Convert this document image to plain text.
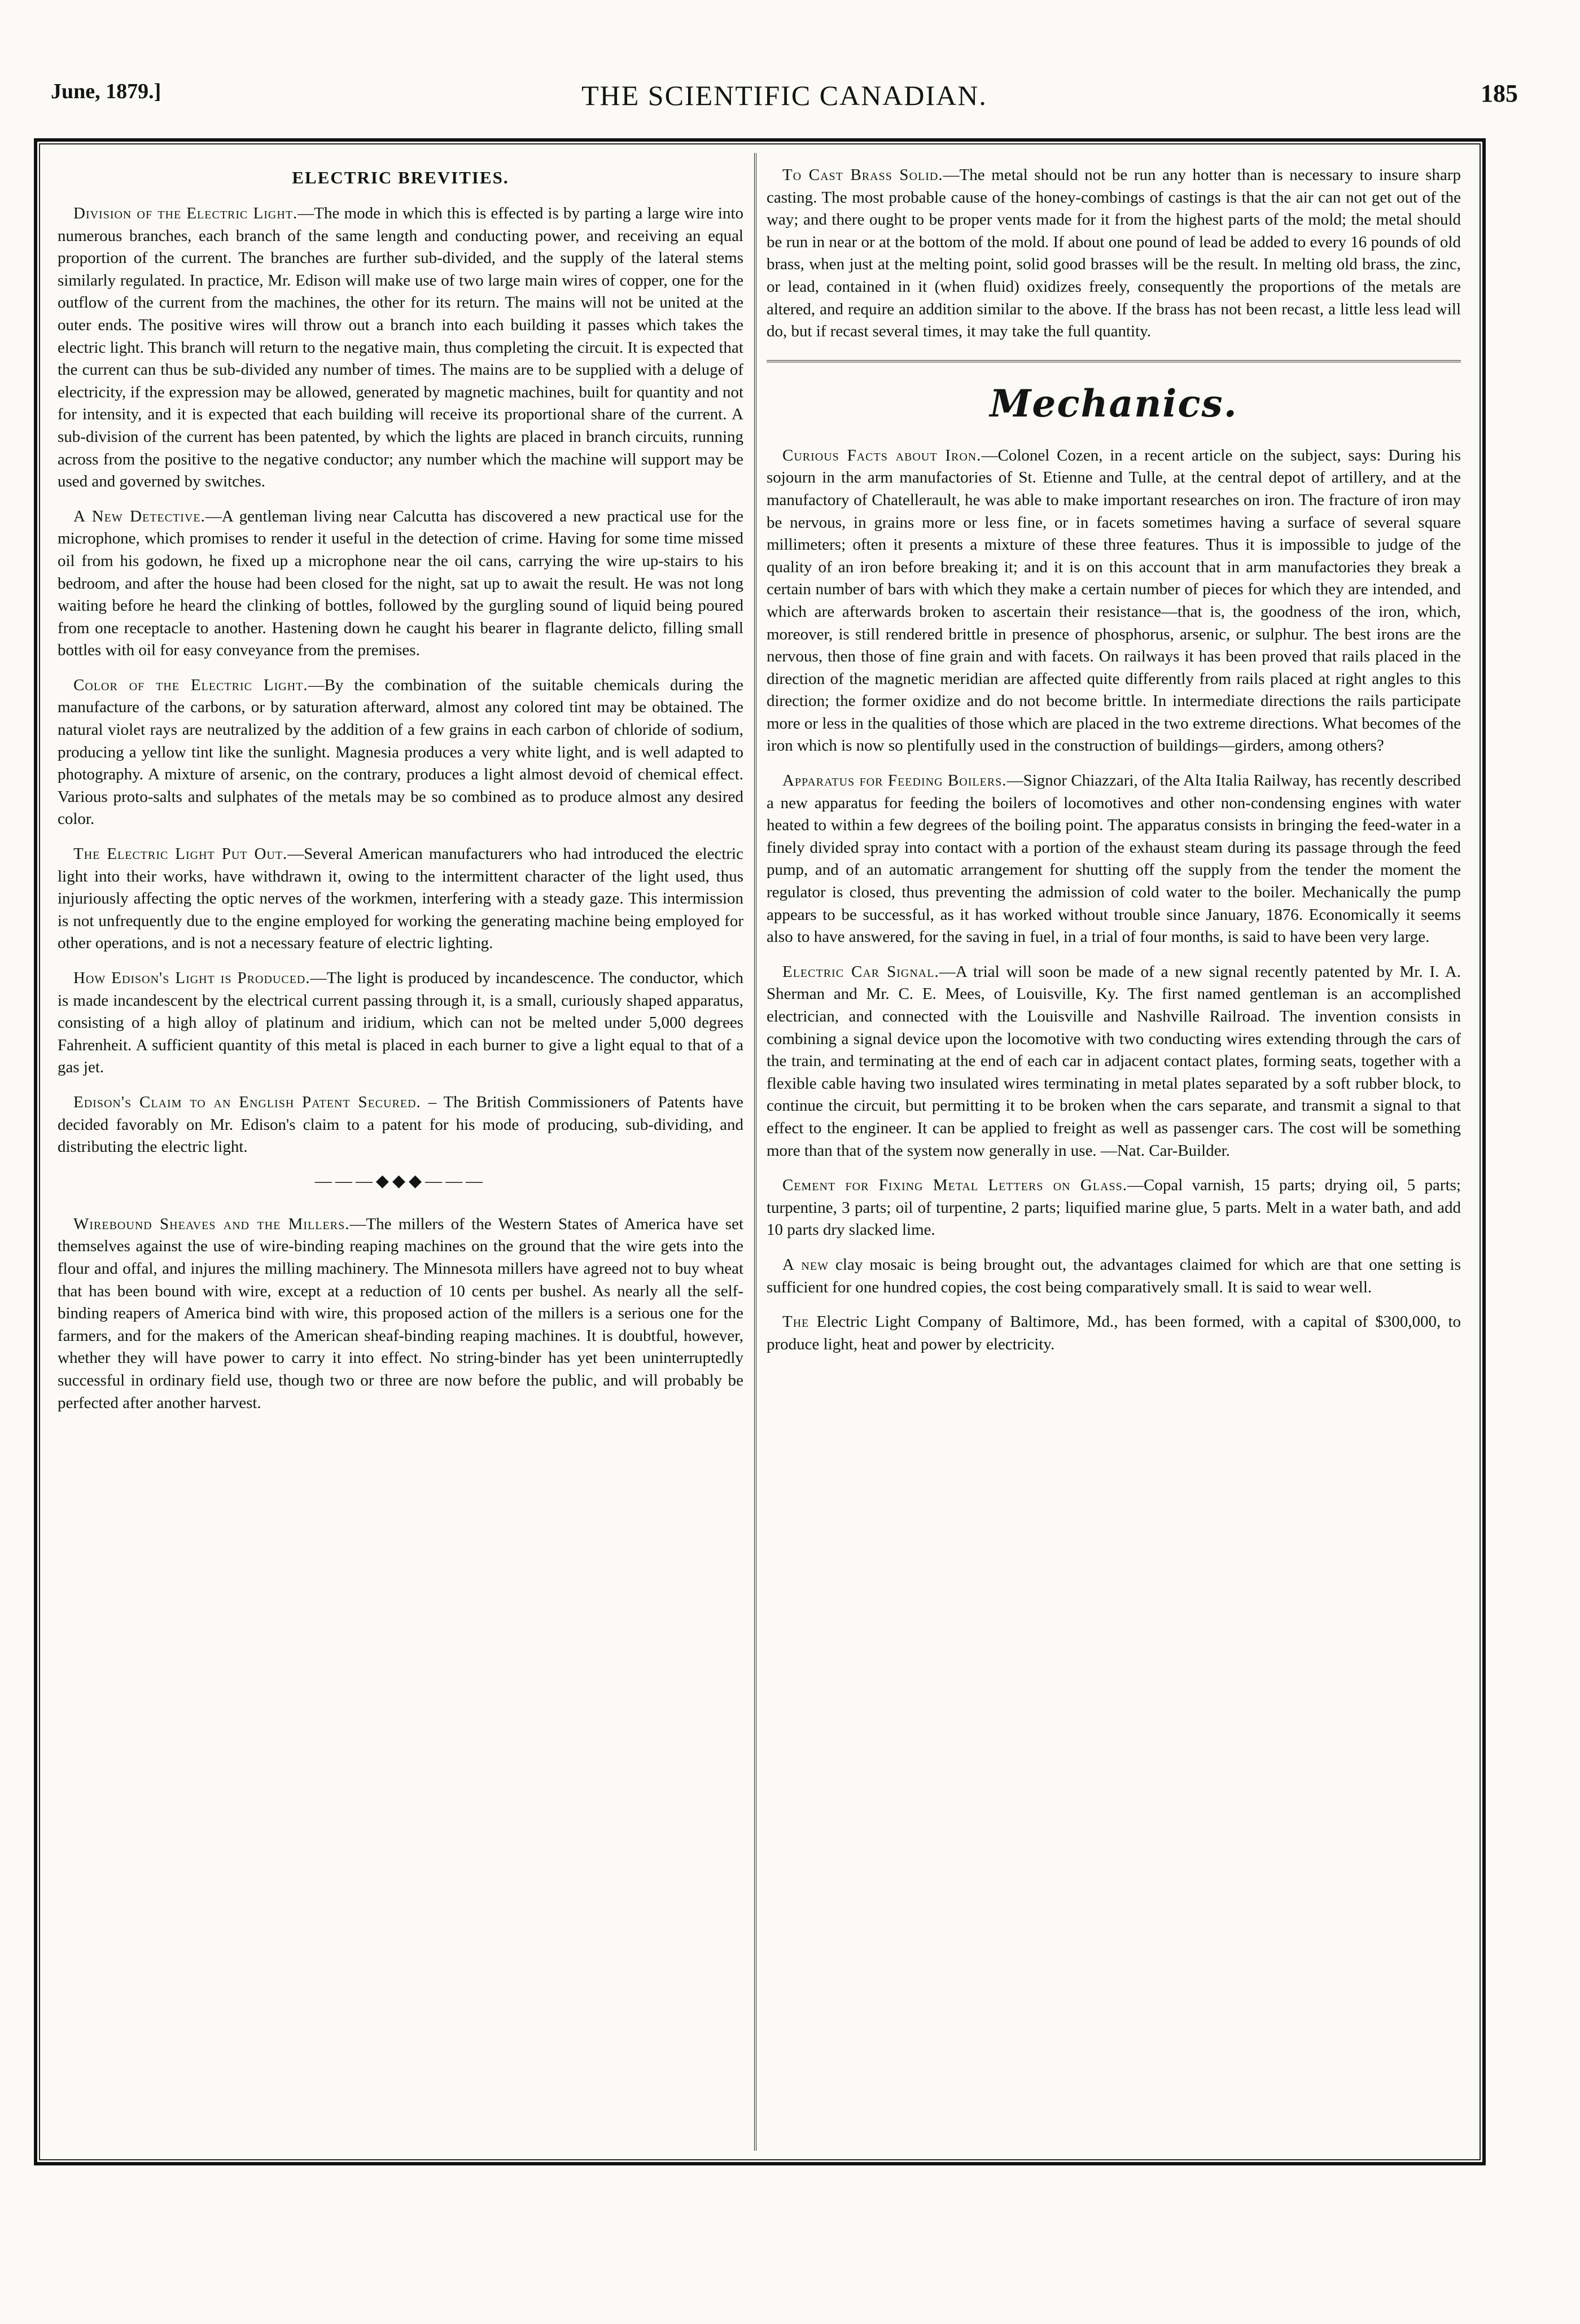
June, 1879.]	THE SCIENTIFIC CANADIAN.	185
ELECTRIC BREVITIES.

Division of the Electric Light.—The mode in which this is effected is by parting a large wire into numerous branches, each branch of the same length and conducting power, and receiving an equal proportion of the current. The branches are further sub-divided, and the supply of the lateral stems similarly regulated. In practice, Mr. Edison will make use of two large main wires of copper, one for the outflow of the current from the machines, the other for its return. The mains will not be united at the outer ends. The positive wires will throw out a branch into each building it passes which takes the electric light. This branch will return to the negative main, thus completing the circuit. It is expected that the current can thus be sub-divided any number of times. The mains are to be supplied with a deluge of electricity, if the expression may be allowed, generated by magnetic machines, built for quantity and not for intensity, and it is expected that each building will receive its proportional share of the current. A sub-division of the current has been patented, by which the lights are placed in branch circuits, running across from the positive to the negative conductor; any number which the machine will support may be used and governed by switches.

A New Detective.—A gentleman living near Calcutta has discovered a new practical use for the microphone, which promises to render it useful in the detection of crime. Having for some time missed oil from his godown, he fixed up a microphone near the oil cans, carrying the wire up-stairs to his bedroom, and after the house had been closed for the night, sat up to await the result. He was not long waiting before he heard the clinking of bottles, followed by the gurgling sound of liquid being poured from one receptacle to another. Hastening down he caught his bearer in flagrante delicto, filling small bottles with oil for easy conveyance from the premises.

Color of the Electric Light.—By the combination of the suitable chemicals during the manufacture of the carbons, or by saturation afterward, almost any colored tint may be obtained. The natural violet rays are neutralized by the addition of a few grains in each carbon of chloride of sodium, producing a yellow tint like the sunlight. Magnesia produces a very white light, and is well adapted to photography. A mixture of arsenic, on the contrary, produces a light almost devoid of chemical effect. Various proto-salts and sulphates of the metals may be so combined as to produce almost any desired color.

The Electric Light Put Out.—Several American manufacturers who had introduced the electric light into their works, have withdrawn it, owing to the intermittent character of the light used, thus injuriously affecting the optic nerves of the workmen, interfering with a steady gaze. This intermission is not unfrequently due to the engine employed for working the generating machine being employed for other operations, and is not a necessary feature of electric lighting.

How Edison's Light is Produced.—The light is produced by incandescence. The conductor, which is made incandescent by the electrical current passing through it, is a small, curiously shaped apparatus, consisting of a high alloy of platinum and iridium, which can not be melted under 5,000 degrees Fahrenheit. A sufficient quantity of this metal is placed in each burner to give a light equal to that of a gas jet.

Edison's Claim to an English Patent Secured. – The British Commissioners of Patents have decided favorably on Mr. Edison's claim to a patent for his mode of producing, sub-dividing, and distributing the electric light.

———◆◆◆———

Wirebound Sheaves and the Millers.—The millers of the Western States of America have set themselves against the use of wire-binding reaping machines on the ground that the wire gets into the flour and offal, and injures the milling machinery. The Minnesota millers have agreed not to buy wheat that has been bound with wire, except at a reduction of 10 cents per bushel. As nearly all the self-binding reapers of America bind with wire, this proposed action of the millers is a serious one for the farmers, and for the makers of the American sheaf-binding reaping machines. It is doubtful, however, whether they will have power to carry it into effect. No string-binder has yet been uninterruptedly successful in ordinary field use, though two or three are now before the public, and will probably be perfected after another harvest.

To Cast Brass Solid.—The metal should not be run any hotter than is necessary to insure sharp casting. The most probable cause of the honey-combings of castings is that the air can not get out of the way; and there ought to be proper vents made for it from the highest parts of the mold; the metal should be run in near or at the bottom of the mold. If about one pound of lead be added to every 16 pounds of old brass, when just at the melting point, solid good brasses will be the result. In melting old brass, the zinc, or lead, contained in it (when fluid) oxidizes freely, consequently the proportions of the metals are altered, and require an addition similar to the above. If the brass has not been recast, a little less lead will do, but if recast several times, it may take the full quantity.

Mechanics.

Curious Facts about Iron.—Colonel Cozen, in a recent article on the subject, says: During his sojourn in the arm manufactories of St. Etienne and Tulle, at the central depot of artillery, and at the manufactory of Chatellerault, he was able to make important researches on iron. The fracture of iron may be nervous, in grains more or less fine, or in facets sometimes having a surface of several square millimeters; often it presents a mixture of these three features. Thus it is impossible to judge of the quality of an iron before breaking it; and it is on this account that in arm manufactories they break a certain number of bars with which they make a certain number of pieces for which they are intended, and which are afterwards broken to ascertain their resistance—that is, the goodness of the iron, which, moreover, is still rendered brittle in presence of phosphorus, arsenic, or sulphur. The best irons are the nervous, then those of fine grain and with facets. On railways it has been proved that rails placed in the direction of the magnetic meridian are affected quite differently from rails placed at right angles to this direction; the former oxidize and do not become brittle. In intermediate directions the rails participate more or less in the qualities of those which are placed in the two extreme directions. What becomes of the iron which is now so plentifully used in the construction of buildings—girders, among others?

Apparatus for Feeding Boilers.—Signor Chiazzari, of the Alta Italia Railway, has recently described a new apparatus for feeding the boilers of locomotives and other non-condensing engines with water heated to within a few degrees of the boiling point. The apparatus consists in bringing the feed-water in a finely divided spray into contact with a portion of the exhaust steam during its passage through the feed pump, and of an automatic arrangement for shutting off the supply from the tender the moment the regulator is closed, thus preventing the admission of cold water to the boiler. Mechanically the pump appears to be successful, as it has worked without trouble since January, 1876. Economically it seems also to have answered, for the saving in fuel, in a trial of four months, is said to have been very large.

Electric Car Signal.—A trial will soon be made of a new signal recently patented by Mr. I. A. Sherman and Mr. C. E. Mees, of Louisville, Ky. The first named gentleman is an accomplished electrician, and connected with the Louisville and Nashville Railroad. The invention consists in combining a signal device upon the locomotive with two conducting wires extending through the cars of the train, and terminating at the end of each car in adjacent contact plates, forming seats, together with a flexible cable having two insulated wires terminating in metal plates separated by a soft rubber block, to continue the circuit, but permitting it to be broken when the cars separate, and transmit a signal to that effect to the engineer. It can be applied to freight as well as passenger cars. The cost will be something more than that of the system now generally in use. —Nat. Car-Builder.

Cement for Fixing Metal Letters on Glass.—Copal varnish, 15 parts; drying oil, 5 parts; turpentine, 3 parts; oil of turpentine, 2 parts; liquified marine glue, 5 parts. Melt in a water bath, and add 10 parts dry slacked lime.

A new clay mosaic is being brought out, the advantages claimed for which are that one setting is sufficient for one hundred copies, the cost being comparatively small. It is said to wear well.

The Electric Light Company of Baltimore, Md., has been formed, with a capital of $300,000, to produce light, heat and power by electricity.
